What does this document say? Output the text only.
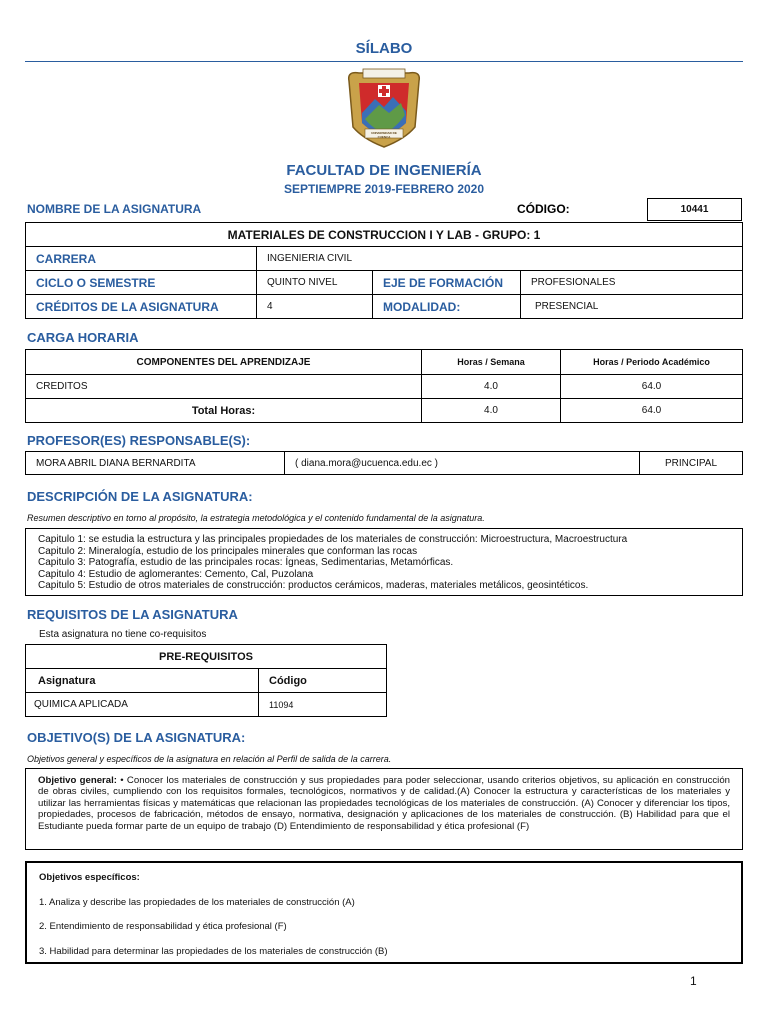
SÍLABO
UNIVERSIDAD DE CUENCA
FACULTAD DE INGENIERÍA
SEPTIEMPRE 2019-FEBRERO 2020
NOMBRE DE LA ASIGNATURA	CÓDIGO:	10441
MATERIALES DE CONSTRUCCION I Y LAB - GRUPO: 1			
CARRERA	INGENIERIA CIVIL		
CICLO O SEMESTRE	QUINTO NIVEL	EJE DE FORMACIÓN	PROFESIONALES
CRÉDITOS DE LA ASIGNATURA	4	MODALIDAD:	PRESENCIAL
CARGA HORARIA
COMPONENTES DEL APRENDIZAJE	Horas / Semana	Horas / Periodo Académico
CREDITOS	4.0	64.0
Total Horas:	4.0	64.0
PROFESOR(ES) RESPONSABLE(S):
MORA ABRIL DIANA BERNARDITA	( diana.mora@ucuenca.edu.ec )	PRINCIPAL
DESCRIPCIÓN DE LA ASIGNATURA:
Resumen descriptivo en torno al propósito, la estrategia metodológica y el contenido fundamental de la asignatura.
Capitulo 1: se estudia la estructura y las principales propiedades de los materiales de construcción: Microestructura, Macroestructura
Capitulo 2: Mineralogía, estudio de los principales minerales que conforman las rocas
Capitulo 3: Patografía, estudio de las principales rocas: Ígneas, Sedimentarias, Metamórficas.
Capitulo 4: Estudio de aglomerantes: Cemento, Cal, Puzolana
Capitulo 5: Estudio de otros materiales de construcción: productos cerámicos, maderas, materiales metálicos, geosintéticos.
REQUISITOS DE LA ASIGNATURA
Esta asignatura no tiene co-requisitos
PRE-REQUISITOS	
Asignatura	Código
QUIMICA APLICADA	11094
OBJETIVO(S) DE LA ASIGNATURA:
Objetivos general y específicos de la asignatura en relación al Perfil de salida de la carrera.
Objetivo general: • Conocer los materiales de construcción y sus propiedades para poder seleccionar, usando criterios objetivos, su aplicación en construcción de obras civiles, cumpliendo con los requisitos formales, tecnológicos, normativos y de calidad.(A) Conocer la estructura y características de los materiales y utilizar las herramientas físicas y matemáticas que relacionan las propiedades tecnológicas de los materiales de construcción. (A) Conocer y diferenciar los tipos, propiedades, procesos de fabricación, métodos de ensayo, normativa, designación y aplicaciones de los materiales de construcción. (B) Habilidad para que el Estudiante pueda formar parte de un equipo de trabajo (D) Entendimiento de responsabilidad y ética profesional (F)
Objetivos específicos:
1. Analiza y describe las propiedades de los materiales de construcción (A)
2. Entendimiento de responsabilidad y ética profesional (F)
3. Habilidad para determinar las propiedades de los materiales de construcción (B)
1
